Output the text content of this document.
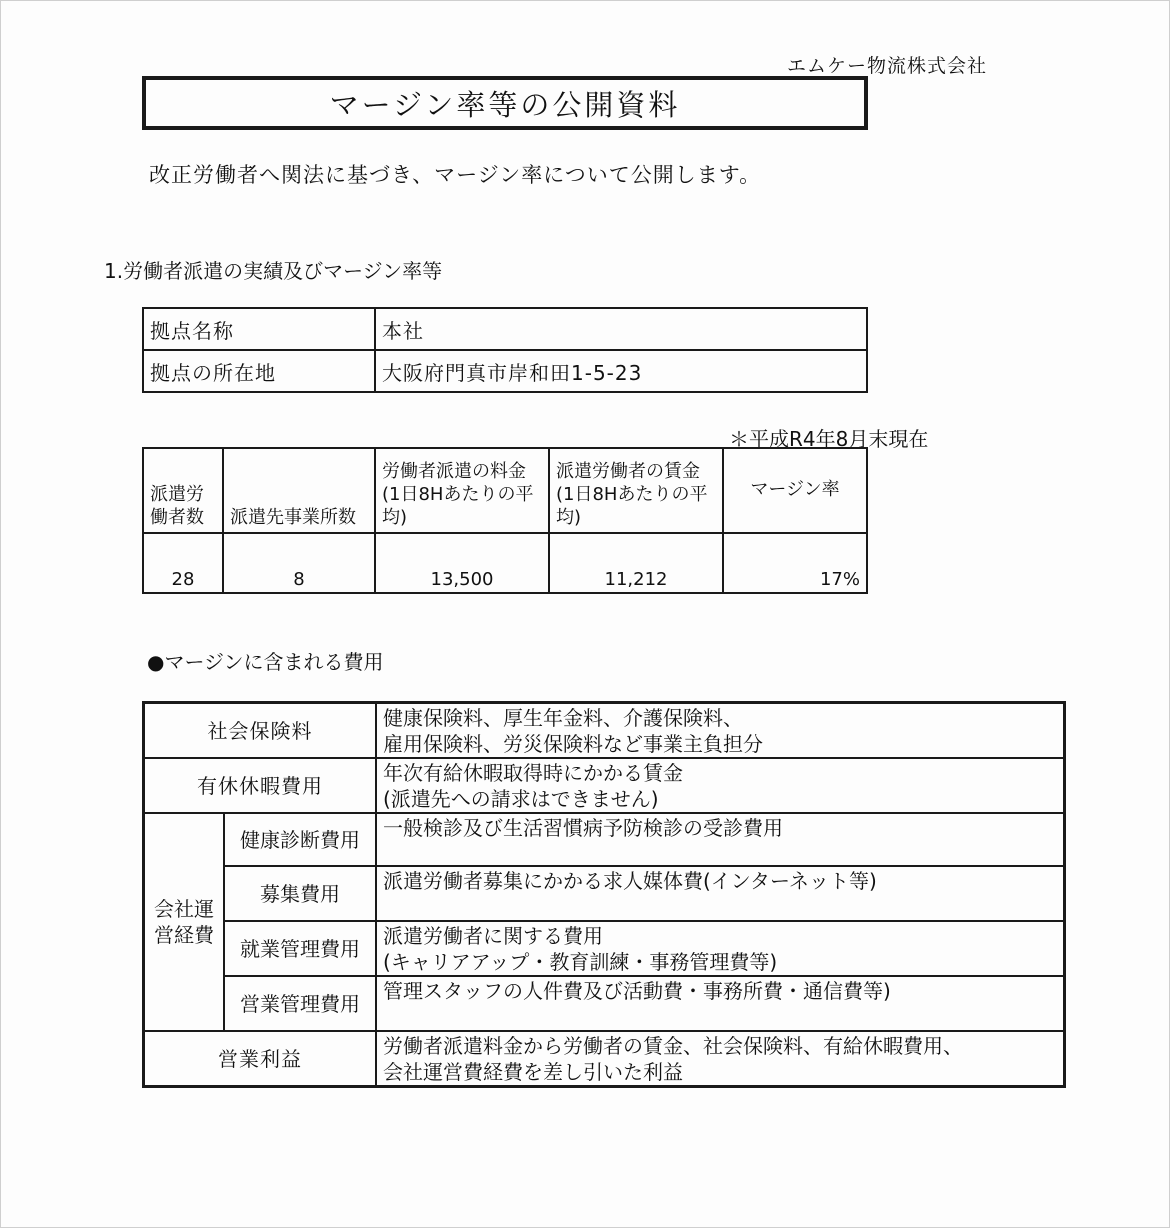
エムケー物流株式会社
マージン率等の公開資料
改正労働者へ関法に基づき、マージン率について公開します。
1.労働者派遣の実績及びマージン率等
拠点名称	本社
拠点の所在地	大阪府門真市岸和田1-5-23
＊平成R4年8月末現在
派遣労働者数	派遣先事業所数	労働者派遣の料金(1日8Hあたりの平均)	派遣労働者の賃金(1日8Hあたりの平均)	マージン率
28	8	13,500	11,212	17%
●マージンに含まれる費用
社会保険料		健康保険料、厚生年金料、介護保険料、
雇用保険料、労災保険料など事業主負担分

有休休暇費用		年次有給休暇取得時にかかる賃金
(派遣先への請求はできません)

会社運営経費	健康診断費用	一般検診及び生活習慣病予防検診の受診費用

	募集費用	派遣労働者募集にかかる求人媒体費(インターネット等)

	就業管理費用	派遣労働者に関する費用
(キャリアアップ・教育訓練・事務管理費等)

	営業管理費用	管理スタッフの人件費及び活動費・事務所費・通信費等)

営業利益		労働者派遣料金から労働者の賃金、社会保険料、有給休暇費用、
会社運営費経費を差し引いた利益
